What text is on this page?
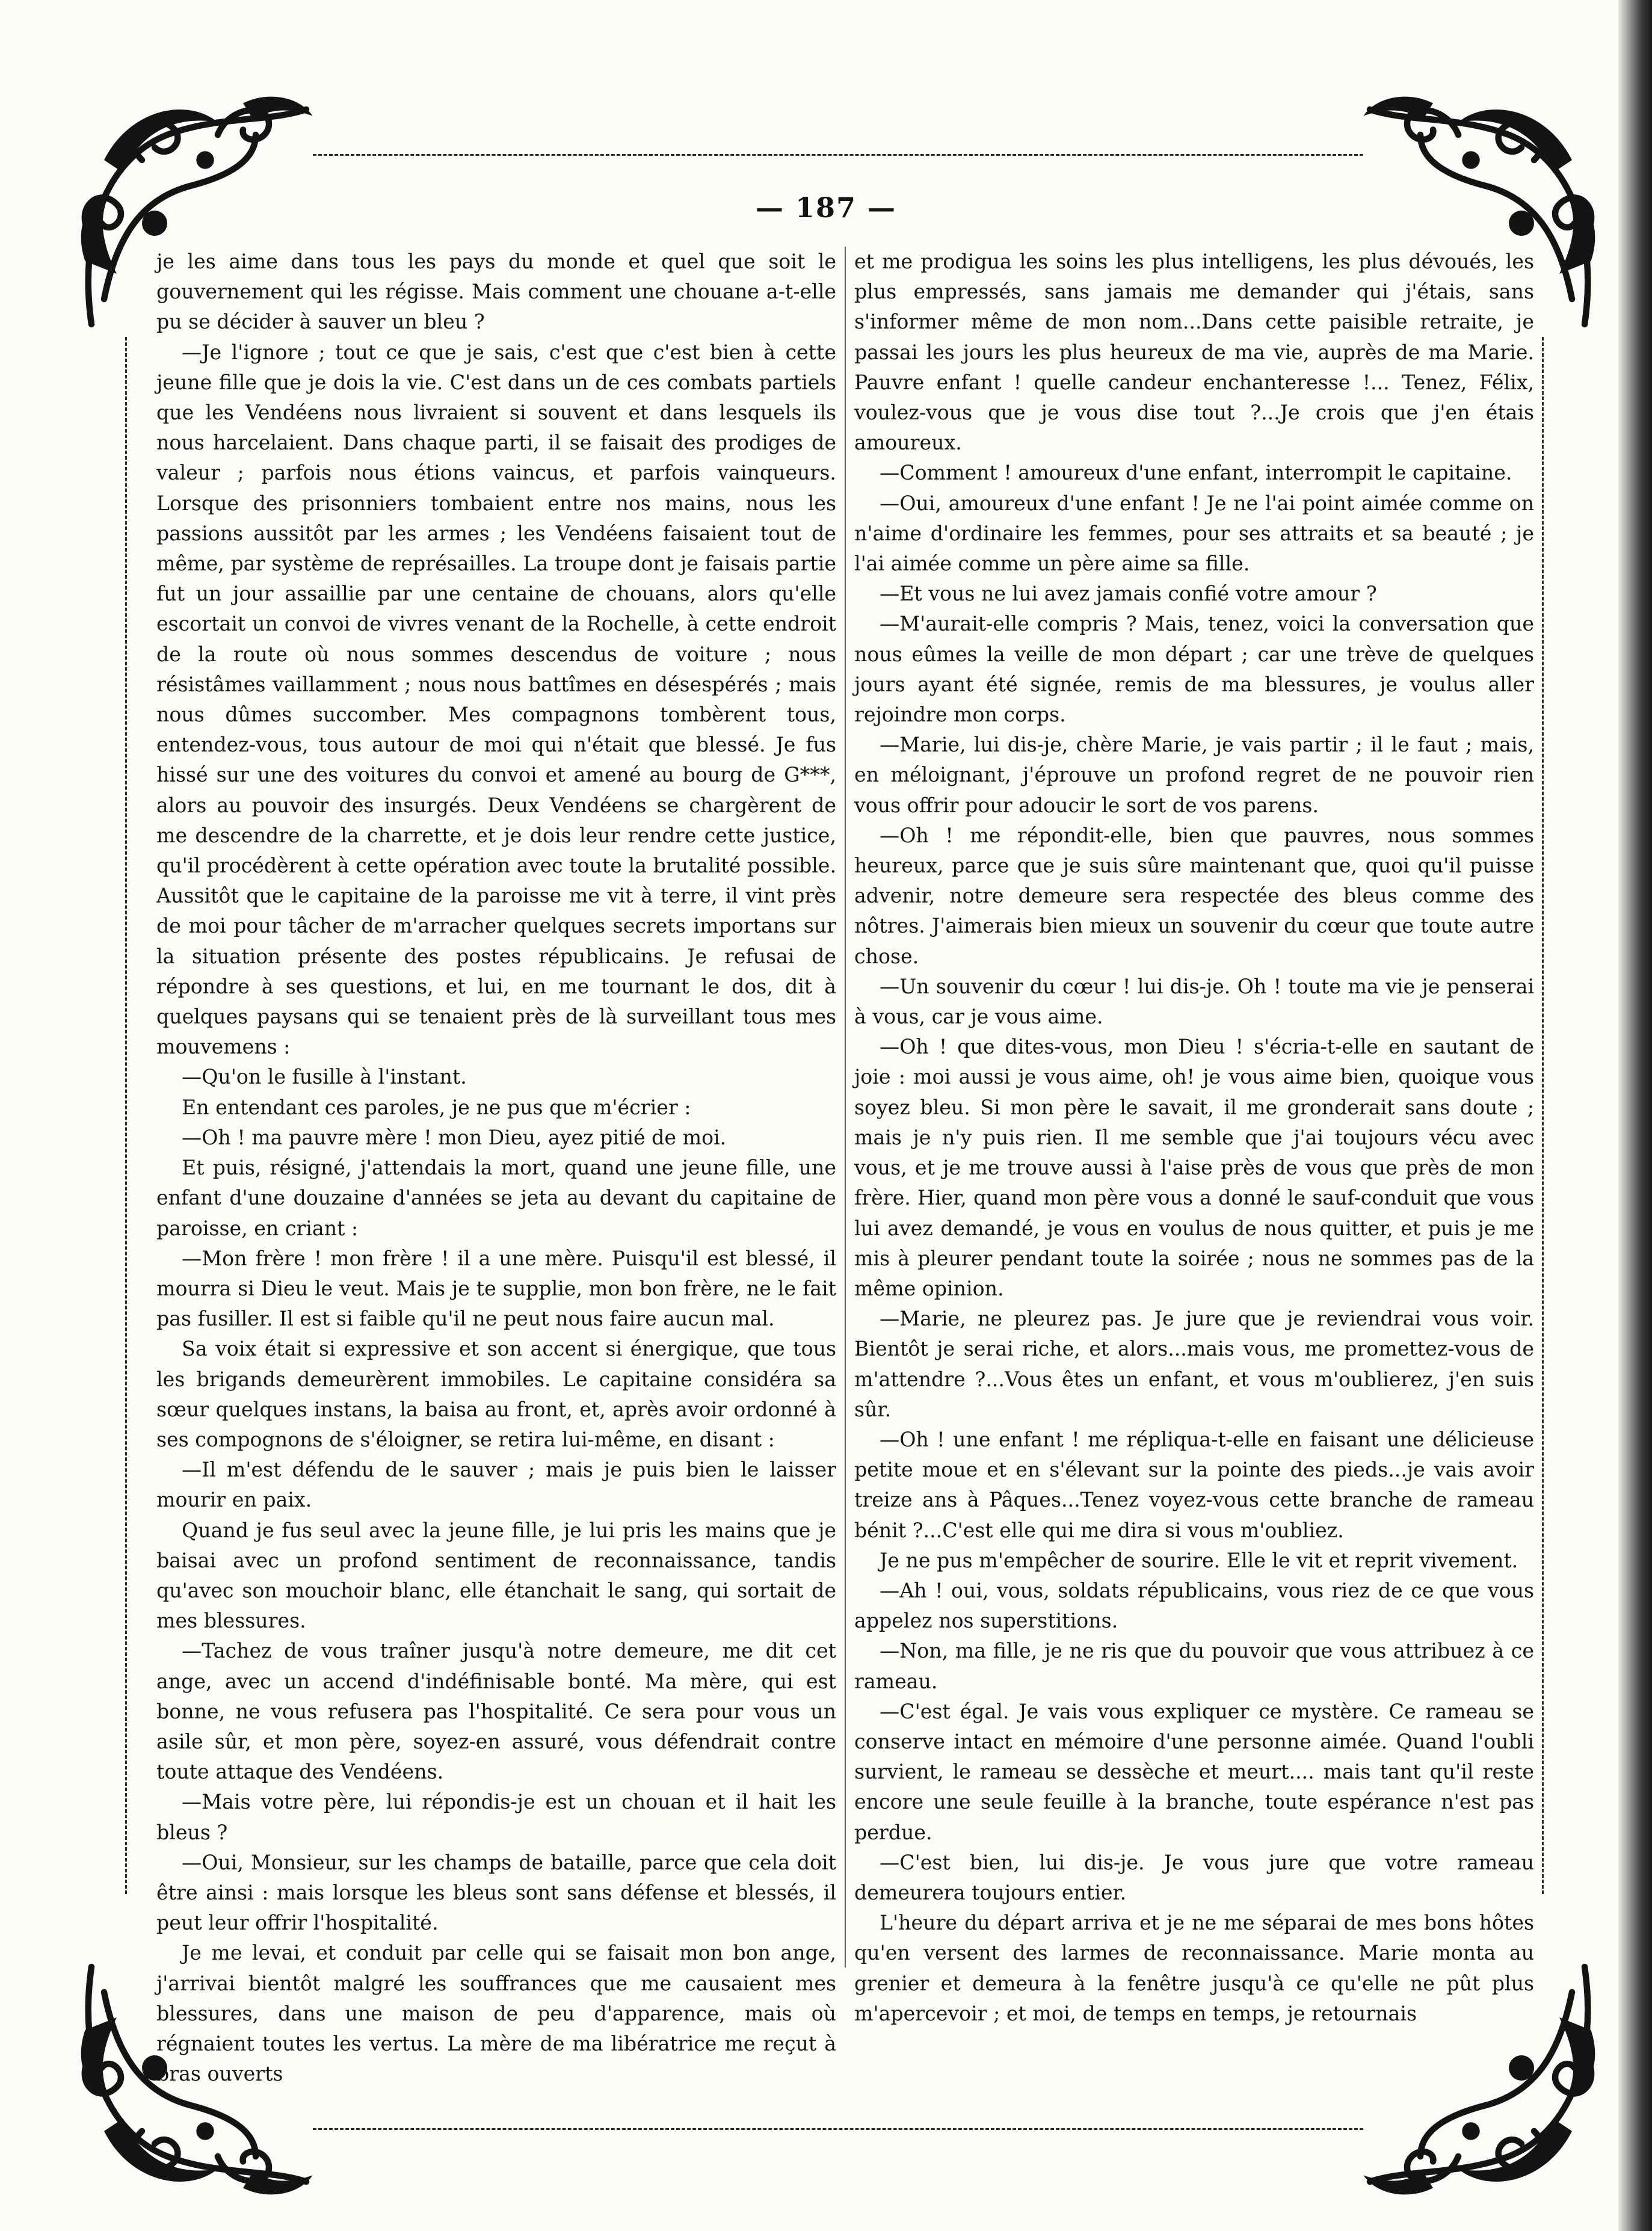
— 187 —

je les aime dans tous les pays du monde et quel que soit le gouvernement qui les régisse. Mais comment une chouane a-t-elle pu se décider à sauver un bleu ?

—Je l'ignore ; tout ce que je sais, c'est que c'est bien à cette jeune fille que je dois la vie. C'est dans un de ces combats partiels que les Vendéens nous livraient si souvent et dans lesquels ils nous harcelaient. Dans chaque parti, il se faisait des prodiges de valeur ; parfois nous étions vaincus, et parfois vainqueurs. Lorsque des prisonniers tombaient entre nos mains, nous les passions aussitôt par les armes ; les Vendéens faisaient tout de même, par système de représailles. La troupe dont je faisais partie fut un jour assaillie par une centaine de chouans, alors qu'elle escortait un convoi de vivres venant de la Rochelle, à cette endroit de la route où nous sommes descendus de voiture ; nous résistâmes vaillamment ; nous nous battîmes en désespérés ; mais nous dûmes succomber. Mes compagnons tombèrent tous, entendez-vous, tous autour de moi qui n'était que blessé. Je fus hissé sur une des voitures du convoi et amené au bourg de G***, alors au pouvoir des insurgés. Deux Vendéens se chargèrent de me descendre de la charrette, et je dois leur rendre cette justice, qu'il procédèrent à cette opération avec toute la brutalité possible. Aussitôt que le capitaine de la paroisse me vit à terre, il vint près de moi pour tâcher de m'arracher quelques secrets importans sur la situation présente des postes républicains. Je refusai de répondre à ses questions, et lui, en me tournant le dos, dit à quelques paysans qui se tenaient près de là surveillant tous mes mouvemens :

—Qu'on le fusille à l'instant.

En entendant ces paroles, je ne pus que m'écrier :

—Oh ! ma pauvre mère ! mon Dieu, ayez pitié de moi.

Et puis, résigné, j'attendais la mort, quand une jeune fille, une enfant d'une douzaine d'années se jeta au devant du capitaine de paroisse, en criant :

—Mon frère ! mon frère ! il a une mère. Puisqu'il est blessé, il mourra si Dieu le veut. Mais je te supplie, mon bon frère, ne le fait pas fusiller. Il est si faible qu'il ne peut nous faire aucun mal.

Sa voix était si expressive et son accent si énergique, que tous les brigands demeurèrent immobiles. Le capitaine considéra sa sœur quelques instans, la baisa au front, et, après avoir ordonné à ses compognons de s'éloigner, se retira lui-même, en disant :

—Il m'est défendu de le sauver ; mais je puis bien le laisser mourir en paix.

Quand je fus seul avec la jeune fille, je lui pris les mains que je baisai avec un profond sentiment de reconnaissance, tandis qu'avec son mouchoir blanc, elle étanchait le sang, qui sortait de mes blessures.

—Tachez de vous traîner jusqu'à notre demeure, me dit cet ange, avec un accend d'indéfinisable bonté. Ma mère, qui est bonne, ne vous refusera pas l'hospitalité. Ce sera pour vous un asile sûr, et mon père, soyez-en assuré, vous défendrait contre toute attaque des Vendéens.

—Mais votre père, lui répondis-je est un chouan et il hait les bleus ?

—Oui, Monsieur, sur les champs de bataille, parce que cela doit être ainsi : mais lorsque les bleus sont sans défense et blessés, il peut leur offrir l'hospitalité.

Je me levai, et conduit par celle qui se faisait mon bon ange, j'arrivai bientôt malgré les souffrances que me causaient mes blessures, dans une maison de peu d'apparence, mais où régnaient toutes les vertus. La mère de ma libératrice me reçut à bras ouverts

et me prodigua les soins les plus intelligens, les plus dévoués, les plus empressés, sans jamais me demander qui j'étais, sans s'informer même de mon nom...Dans cette paisible retraite, je passai les jours les plus heureux de ma vie, auprès de ma Marie. Pauvre enfant ! quelle candeur enchanteresse !... Tenez, Félix, voulez-vous que je vous dise tout ?...Je crois que j'en étais amoureux.

—Comment ! amoureux d'une enfant, interrompit le capitaine.

—Oui, amoureux d'une enfant ! Je ne l'ai point aimée comme on n'aime d'ordinaire les femmes, pour ses attraits et sa beauté ; je l'ai aimée comme un père aime sa fille.

—Et vous ne lui avez jamais confié votre amour ?

—M'aurait-elle compris ? Mais, tenez, voici la conversation que nous eûmes la veille de mon départ ; car une trève de quelques jours ayant été signée, remis de ma blessures, je voulus aller rejoindre mon corps.

—Marie, lui dis-je, chère Marie, je vais partir ; il le faut ; mais, en méloignant, j'éprouve un profond regret de ne pouvoir rien vous offrir pour adoucir le sort de vos parens.

—Oh ! me répondit-elle, bien que pauvres, nous sommes heureux, parce que je suis sûre maintenant que, quoi qu'il puisse advenir, notre demeure sera respectée des bleus comme des nôtres. J'aimerais bien mieux un souvenir du cœur que toute autre chose.

—Un souvenir du cœur ! lui dis-je. Oh ! toute ma vie je penserai à vous, car je vous aime.

—Oh ! que dites-vous, mon Dieu ! s'écria-t-elle en sautant de joie : moi aussi je vous aime, oh! je vous aime bien, quoique vous soyez bleu. Si mon père le savait, il me gronderait sans doute ; mais je n'y puis rien. Il me semble que j'ai toujours vécu avec vous, et je me trouve aussi à l'aise près de vous que près de mon frère. Hier, quand mon père vous a donné le sauf-conduit que vous lui avez demandé, je vous en voulus de nous quitter, et puis je me mis à pleurer pendant toute la soirée ; nous ne sommes pas de la même opinion.

—Marie, ne pleurez pas. Je jure que je reviendrai vous voir. Bientôt je serai riche, et alors...mais vous, me promettez-vous de m'attendre ?...Vous êtes un enfant, et vous m'oublierez, j'en suis sûr.

—Oh ! une enfant ! me répliqua-t-elle en faisant une délicieuse petite moue et en s'élevant sur la pointe des pieds...je vais avoir treize ans à Pâques...Tenez voyez-vous cette branche de rameau bénit ?...C'est elle qui me dira si vous m'oubliez.

Je ne pus m'empêcher de sourire. Elle le vit et reprit vivement.

—Ah ! oui, vous, soldats républicains, vous riez de ce que vous appelez nos superstitions.

—Non, ma fille, je ne ris que du pouvoir que vous attribuez à ce rameau.

—C'est égal. Je vais vous expliquer ce mystère. Ce rameau se conserve intact en mémoire d'une personne aimée. Quand l'oubli survient, le rameau se dessèche et meurt.... mais tant qu'il reste encore une seule feuille à la branche, toute espérance n'est pas perdue.

—C'est bien, lui dis-je. Je vous jure que votre rameau demeurera toujours entier.

L'heure du départ arriva et je ne me séparai de mes bons hôtes qu'en versent des larmes de reconnaissance. Marie monta au grenier et demeura à la fenêtre jusqu'à ce qu'elle ne pût plus m'apercevoir ; et moi, de temps en temps, je retournais
